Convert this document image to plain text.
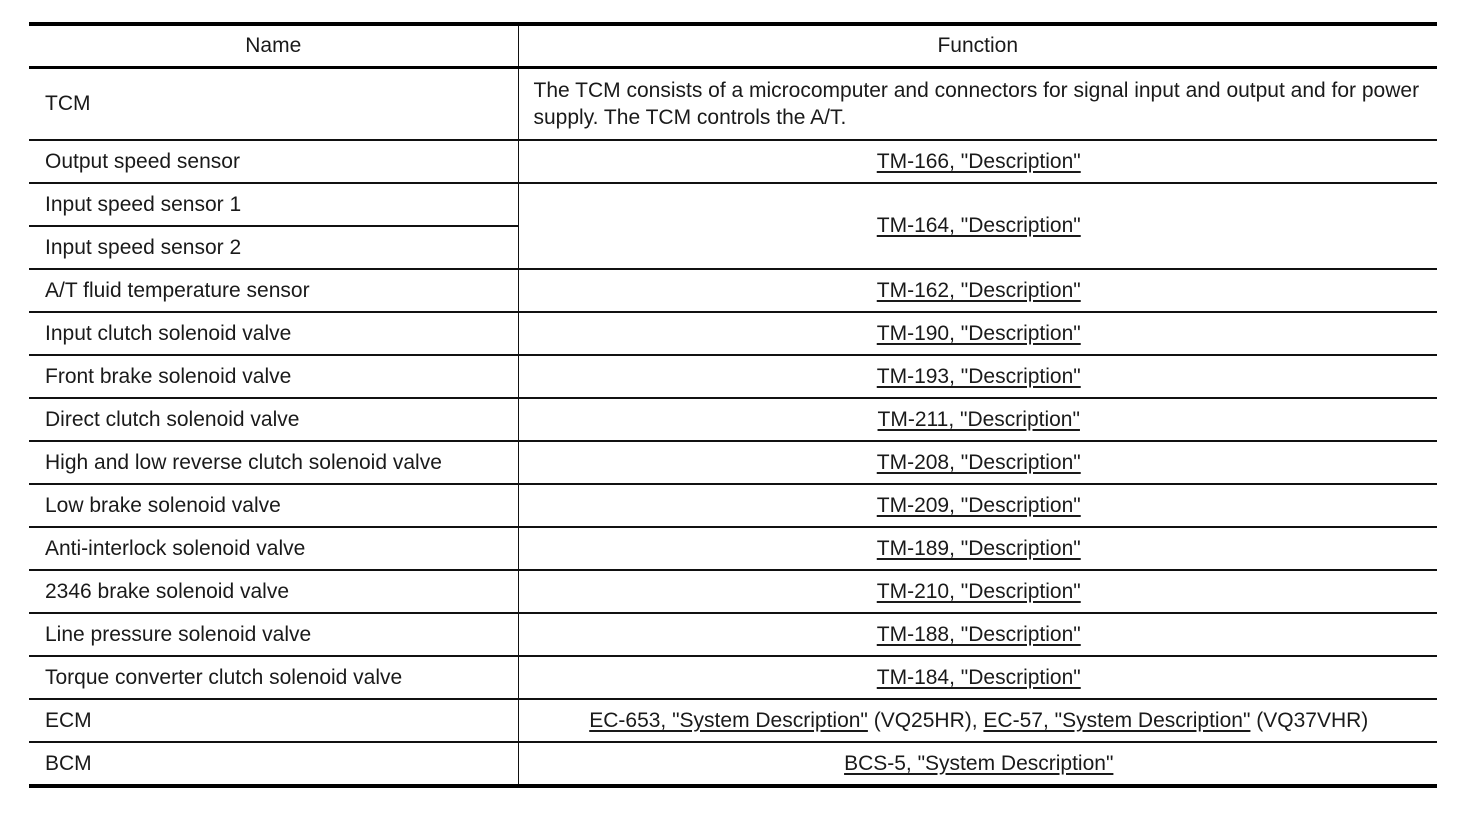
Name	Function
TCM	The TCM consists of a microcomputer and connectors for signal input and output and for power supply. The TCM controls the A/T.
Output speed sensor	TM-166, "Description"
Input speed sensor 1	TM-164, "Description"
Input speed sensor 2	
A/T fluid temperature sensor	TM-162, "Description"
Input clutch solenoid valve	TM-190, "Description"
Front brake solenoid valve	TM-193, "Description"
Direct clutch solenoid valve	TM-211, "Description"
High and low reverse clutch solenoid valve	TM-208, "Description"
Low brake solenoid valve	TM-209, "Description"
Anti-interlock solenoid valve	TM-189, "Description"
2346 brake solenoid valve	TM-210, "Description"
Line pressure solenoid valve	TM-188, "Description"
Torque converter clutch solenoid valve	TM-184, "Description"
ECM	EC-653, "System Description" (VQ25HR), EC-57, "System Description" (VQ37VHR)
BCM	BCS-5, "System Description"
